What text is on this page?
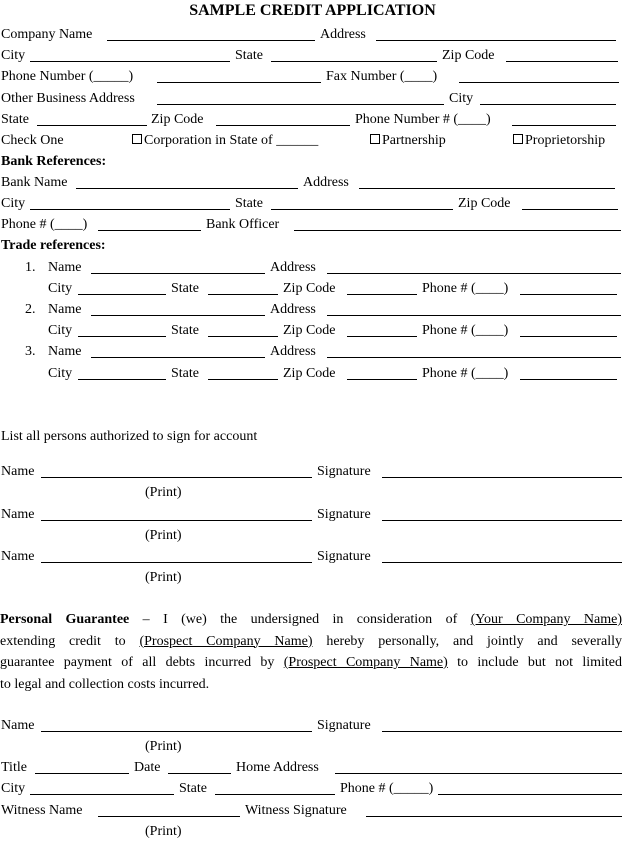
SAMPLE CREDIT APPLICATION
Company Name	Address
City	State	Zip Code
Phone Number (_____)	Fax Number (____)
Other Business Address	City
State	Zip Code	Phone Number # (____)
Check One	Corporation in State of ______	Partnership	Proprietorship
Bank References:
Bank Name	Address
City	State	Zip Code
Phone # (____)	Bank Officer
Trade references:
1. Name	Address
City	State	Zip Code	Phone # (____)
2. Name	Address
City	State	Zip Code	Phone # (____)
3. Name	Address
City	State	Zip Code	Phone # (____)
List all persons authorized to sign for account
Name	Signature
(Print)
Name	Signature
(Print)
Name	Signature
(Print)
Personal Guarantee – I (we) the undersigned in consideration of (Your Company Name)
extending credit to (Prospect Company Name) hereby personally, and jointly and severally
guarantee payment of all debts incurred by (Prospect Company Name) to include but not limited
to legal and collection costs incurred.
Name	Signature
(Print)
Title	Date	Home Address
City	State	Phone # (_____)
Witness Name	Witness Signature
(Print)
